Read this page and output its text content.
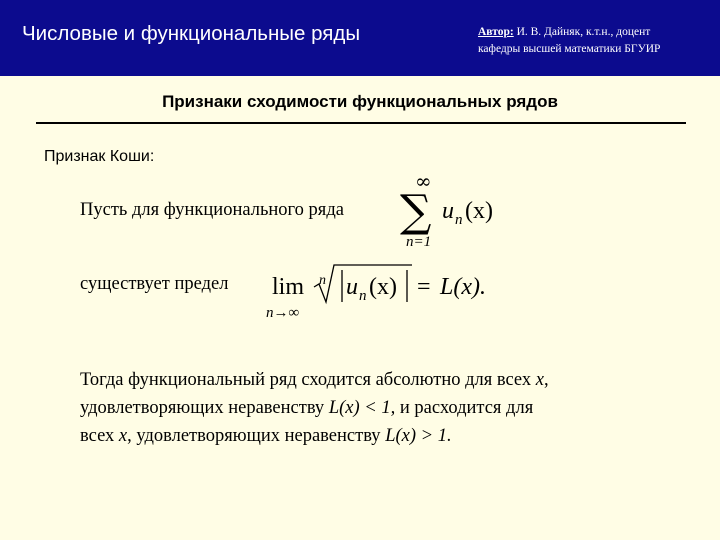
Числовые и функциональные ряды	Автор: И. В. Дайняк, к.т.н., доцент
кафедры высшей математики БГУИР
Признаки сходимости функциональных рядов
Признак Коши:
Пусть для функционального ряда
∞
∑
n=1
u n (x)
существует предел lim
n→∞
n u n (x) = L(x).
Тогда функциональный ряд сходится абсолютно для всех x,
удовлетворяющих неравенству L(x) < 1, и расходится для
всех x, удовлетворяющих неравенству L(x) > 1.
